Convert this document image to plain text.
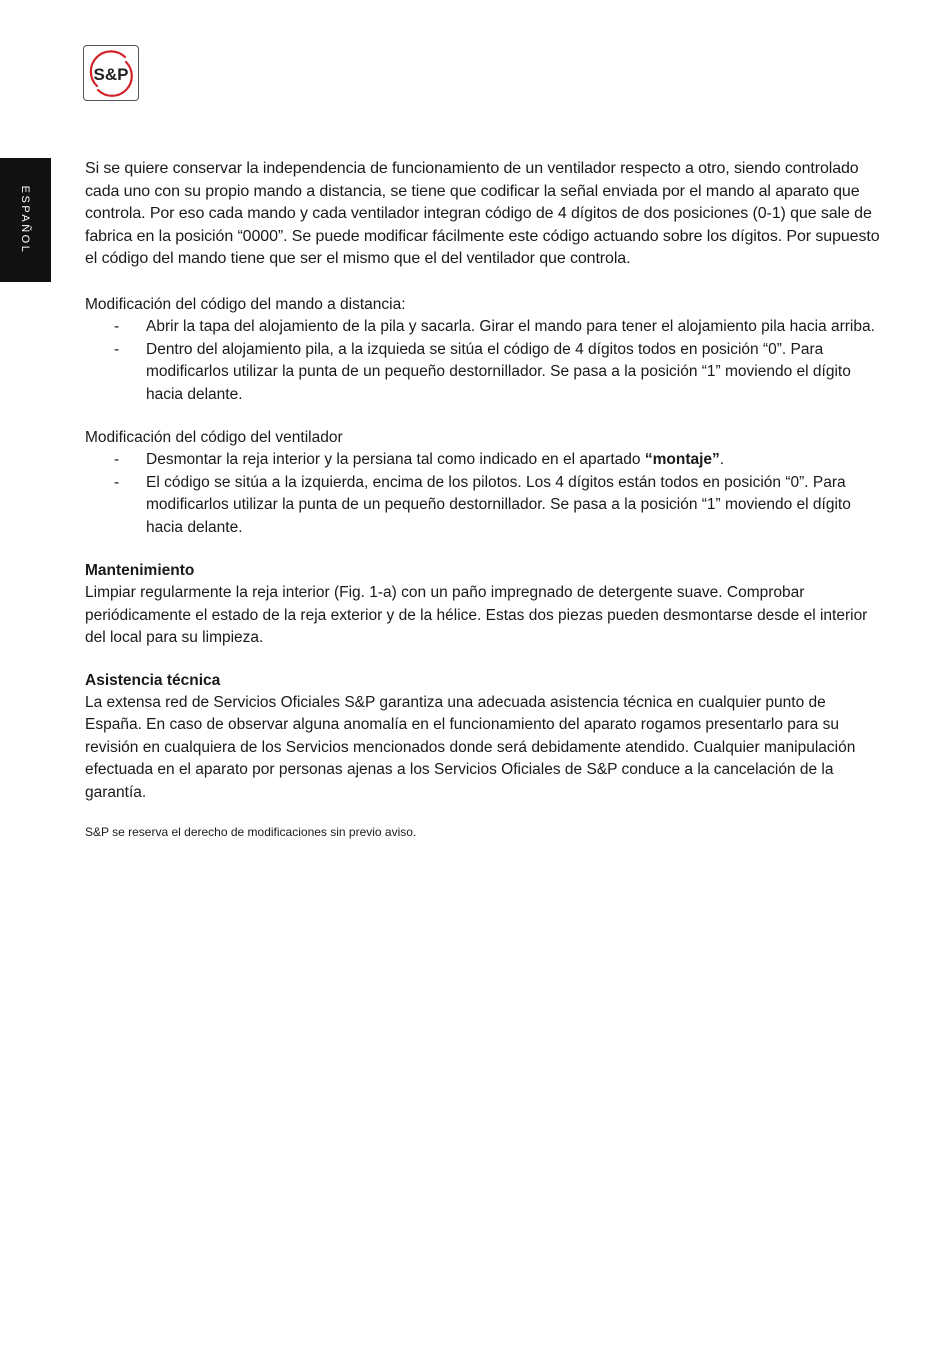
S&P
ESPAÑOL

Si se quiere conservar la independencia de funcionamiento de un ventilador respecto a otro, siendo controlado cada uno con su propio mando a distancia, se tiene que codificar la señal enviada por el mando al aparato que controla. Por eso cada mando y cada ventilador integran código de 4 dígitos de dos posiciones (0-1) que sale de fabrica en la posición “0000”. Se puede modificar fácilmente este código actuando sobre los dígitos. Por supuesto el código del mando tiene que ser el mismo que el del ventilador que controla.

Modificación del código del mando a distancia:

- Abrir la tapa del alojamiento de la pila y sacarla. Girar el mando para tener el alojamiento pila hacia arriba.
- Dentro del alojamiento pila, a la izquieda se sitúa el código de 4 dígitos todos en posición “0”. Para modificarlos utilizar la punta de un pequeño destornillador. Se pasa a la posición “1” moviendo el dígito hacia delante.

Modificación del código del ventilador

- Desmontar la reja interior y la persiana tal como indicado en el apartado “montaje”.
- El código se sitúa a la izquierda, encima de los pilotos. Los 4 dígitos están todos en posición “0”. Para modificarlos utilizar la punta de un pequeño destornillador. Se pasa a la posición “1” moviendo el dígito hacia delante.
Mantenimiento

Limpiar regularmente la reja interior (Fig. 1-a) con un paño impregnado de detergente suave. Comprobar periódicamente el estado de la reja exterior y de la hélice. Estas dos piezas pueden desmontarse desde el interior del local para su limpieza.

Asistencia técnica

La extensa red de Servicios Oficiales S&P garantiza una adecuada asistencia técnica en cualquier punto de España. En caso de observar alguna anomalía en el funcionamiento del aparato rogamos presentarlo para su revisión en cualquiera de los Servicios mencionados donde será debidamente atendido. Cualquier manipulación efectuada en el aparato por personas ajenas a los Servicios Oficiales de S&P conduce a la cancelación de la garantía.

S&P se reserva el derecho de modificaciones sin previo aviso.
